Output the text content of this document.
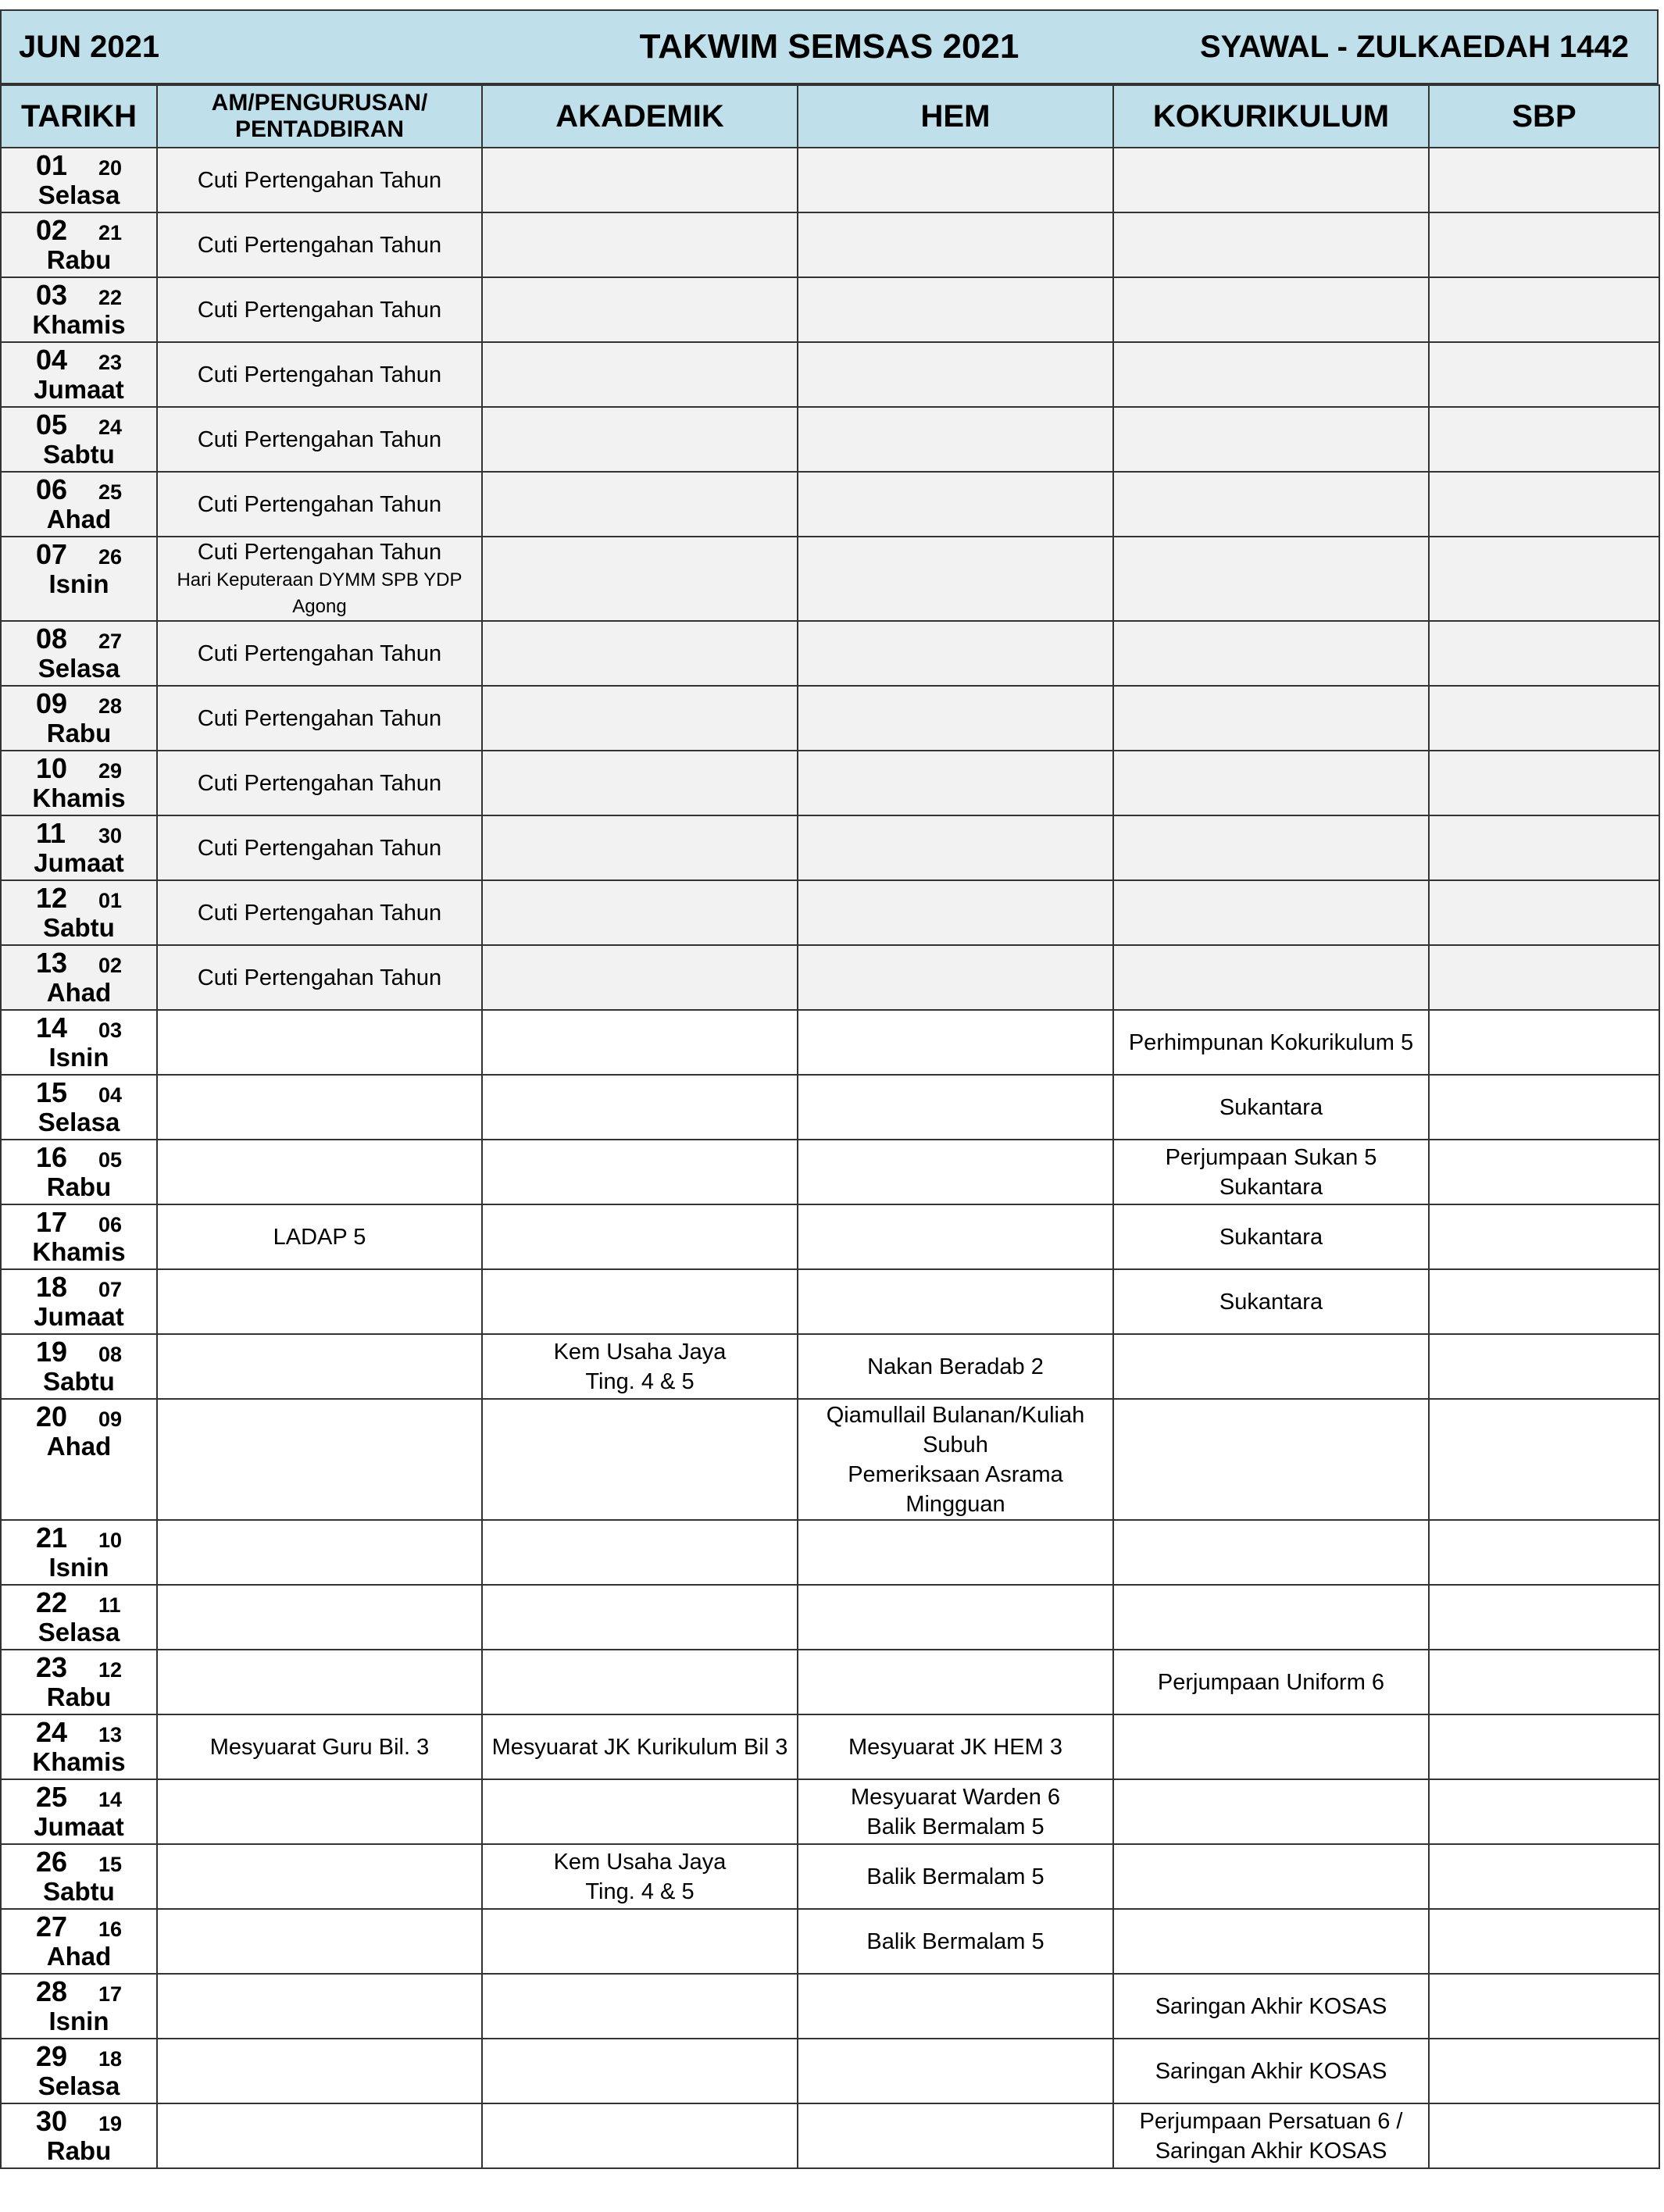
JUN 2021	TAKWIM SEMSAS 2021	SYAWAL - ZULKAEDAH 1442
TARIKH	AM/PENGURUSAN/
PENTADBIRAN	AKADEMIK	HEM	KOKURIKULUM	SBP

01 20
Selasa	Cuti Pertengahan Tahun				

02 21
Rabu	Cuti Pertengahan Tahun				

03 22
Khamis	Cuti Pertengahan Tahun				

04 23
Jumaat	Cuti Pertengahan Tahun				

05 24
Sabtu	Cuti Pertengahan Tahun				

06 25
Ahad	Cuti Pertengahan Tahun				

07 26
Isnin	Cuti Pertengahan Tahun
Hari Keputeraan DYMM SPB YDP
Agong				

08 27
Selasa	Cuti Pertengahan Tahun				

09 28
Rabu	Cuti Pertengahan Tahun				

10 29
Khamis	Cuti Pertengahan Tahun				

11 30
Jumaat	Cuti Pertengahan Tahun				

12 01
Sabtu	Cuti Pertengahan Tahun				

13 02
Ahad	Cuti Pertengahan Tahun				

14 03
Isnin				Perhimpunan Kokurikulum 5	

15 04
Selasa				Sukantara	

16 05
Rabu				Perjumpaan Sukan 5
Sukantara	

17 06
Khamis	LADAP 5			Sukantara	

18 07
Jumaat				Sukantara	

19 08
Sabtu		Kem Usaha Jaya
Ting. 4 & 5	Nakan Beradab 2		

20 09
Ahad			Qiamullail Bulanan/Kuliah
Subuh
Pemeriksaan Asrama
Mingguan		

21 10
Isnin					

22 11
Selasa					

23 12
Rabu				Perjumpaan Uniform 6	

24 13
Khamis	Mesyuarat Guru Bil. 3	Mesyuarat JK Kurikulum Bil 3	Mesyuarat JK HEM 3		

25 14
Jumaat			Mesyuarat Warden 6
Balik Bermalam 5		

26 15
Sabtu		Kem Usaha Jaya
Ting. 4 & 5	Balik Bermalam 5		

27 16
Ahad			Balik Bermalam 5		

28 17
Isnin				Saringan Akhir KOSAS	

29 18
Selasa				Saringan Akhir KOSAS	

30 19
Rabu				Perjumpaan Persatuan 6 /
Saringan Akhir KOSAS	
